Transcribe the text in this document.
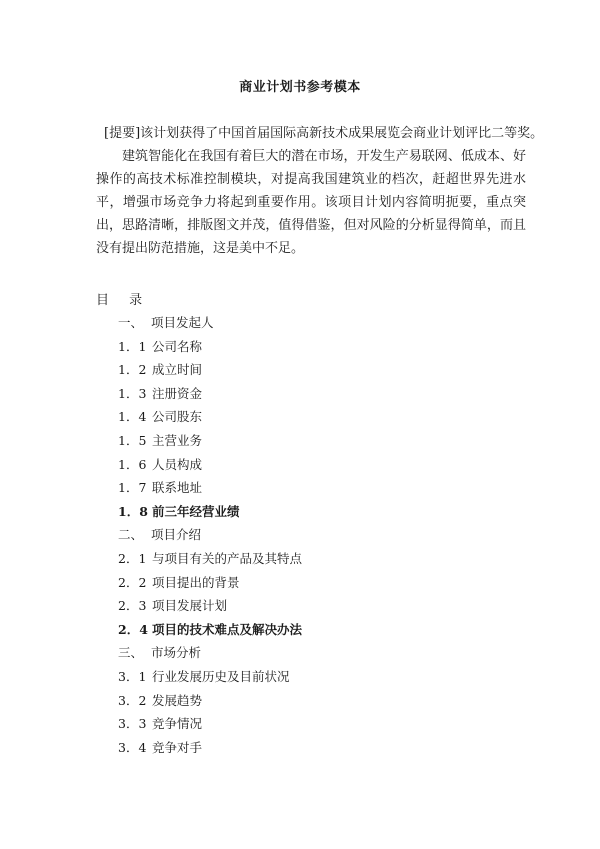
商业计划书参考模本

[提要]该计划获得了中国首届国际高新技术成果展览会商业计划评比二等奖。

建筑智能化在我国有着巨大的潜在市场，开发生产易联网、低成本、好操作的高技术标准控制模块，对提高我国建筑业的档次，赶超世界先进水平，增强市场竞争力将起到重要作用。该项目计划内容简明扼要，重点突出，思路清晰，排版图文并茂，值得借鉴，但对风险的分析显得简单，而且没有提出防范措施，这是美中不足。

目 录
一、 项目发起人
1．1 公司名称
1．2 成立时间
1．3 注册资金
1．4 公司股东
1．5 主营业务
1．6 人员构成
1．7 联系地址
1．8 前三年经营业绩
二、 项目介绍
2．1 与项目有关的产品及其特点
2．2 项目提出的背景
2．3 项目发展计划
2．4 项目的技术难点及解决办法
三、 市场分析
3．1 行业发展历史及目前状况
3．2 发展趋势
3．3 竞争情况
3．4 竞争对手
